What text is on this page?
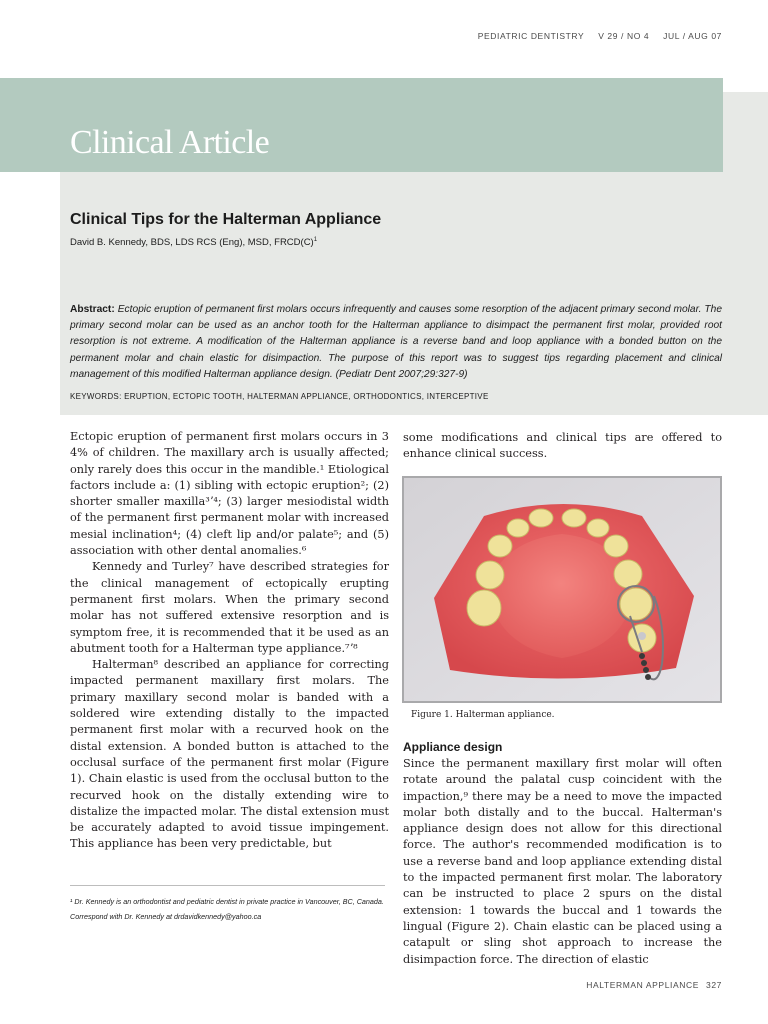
PEDIATRIC DENTISTRY V 29 / NO 4 JUL / AUG 07
Clinical Article
Clinical Tips for the Halterman Appliance
David B. Kennedy, BDS, LDS RCS (Eng), MSD, $FRCD(C)^1$
Abstract: Ectopic eruption of permanent first molars occurs infrequently and causes some resorption of the adjacent primary second molar. The primary second molar can be used as an anchor tooth for the Halterman appliance to disimpact the permanent first molar, provided root resorption is not extreme. A modification of the Halterman appliance is a reverse band and loop appliance with a bonded button on the permanent molar and chain elastic for disimpaction. The purpose of this report was to suggest tips regarding placement and clinical management of this modified Halterman appliance design. (Pediatr Dent 2007;29:327-9)
KEYWORDS: ERUPTION, ECTOPIC TOOTH, HALTERMAN APPLIANCE, ORTHODONTICS, INTERCEPTIVE

Ectopic eruption of permanent first molars occurs in 3 4% of children. The maxillary arch is usually affected; only rarely does this occur in the mandible.¹ Etiological factors include a: (1) sibling with ectopic eruption²; (2) shorter smaller maxilla³ʼ⁴; (3) larger mesiodistal width of the permanent first permanent molar with increased mesial inclination⁴; (4) cleft lip and/or palate⁵; and (5) association with other dental anomalies.⁶

Kennedy and Turley⁷ have described strategies for the clinical management of ectopically erupting permanent first molars. When the primary second molar has not suffered extensive resorption and is symptom free, it is recommended that it be used as an abutment tooth for a Halterman type appliance.⁷ʼ⁸

Halterman⁸ described an appliance for correcting impacted permanent maxillary first molars. The primary maxillary second molar is banded with a soldered wire extending distally to the impacted permanent first molar with a recurved hook on the distal extension. A bonded button is attached to the occlusal surface of the permanent first molar (Figure 1). Chain elastic is used from the occlusal button to the recurved hook on the distally extending wire to distalize the impacted molar. The distal extension must be accurately adapted to avoid tissue impingement. This appliance has been very predictable, but

some modifications and clinical tips are offered to enhance clinical success.

Figure 1. Halterman appliance.
Appliance design

Since the permanent maxillary first molar will often rotate around the palatal cusp coincident with the impaction,⁹ there may be a need to move the impacted molar both distally and to the buccal. Halterman's appliance design does not allow for this directional force. The author's recommended modification is to use a reverse band and loop appliance extending distal to the impacted permanent first molar. The laboratory can be instructed to place 2 spurs on the distal extension: 1 towards the buccal and 1 towards the lingual (Figure 2). Chain elastic can be placed using a catapult or sling shot approach to increase the disimpaction force. The direction of elastic

¹ Dr. Kennedy is an orthodontist and pediatric dentist in private practice in Vancouver, BC, Canada.

Correspond with Dr. Kennedy at drdavidkennedy@yahoo.ca

HALTERMAN APPLIANCE 327
